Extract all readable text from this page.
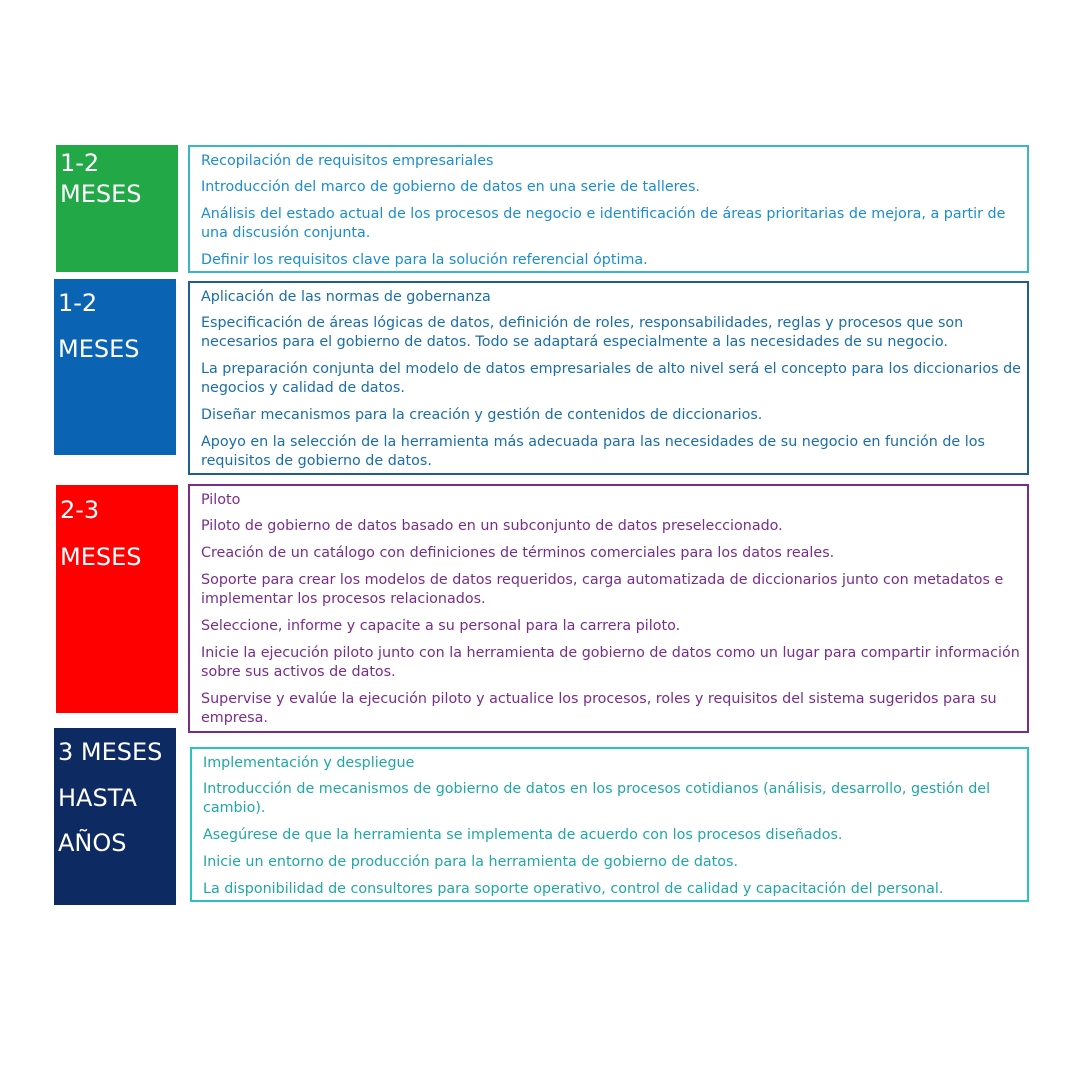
1-2
MESES
Recopilación de requisitos empresariales
Introducción del marco de gobierno de datos en una serie de talleres.
Análisis del estado actual de los procesos de negocio e identificación de áreas prioritarias de mejora, a partir de una discusión conjunta.
Definir los requisitos clave para la solución referencial óptima.
1-2
MESES
Aplicación de las normas de gobernanza
Especificación de áreas lógicas de datos, definición de roles, responsabilidades, reglas y procesos que son necesarios para el gobierno de datos. Todo se adaptará especialmente a las necesidades de su negocio.
La preparación conjunta del modelo de datos empresariales de alto nivel será el concepto para los diccionarios de negocios y calidad de datos.
Diseñar mecanismos para la creación y gestión de contenidos de diccionarios.
Apoyo en la selección de la herramienta más adecuada para las necesidades de su negocio en función de los requisitos de gobierno de datos.
2-3
MESES
Piloto
Piloto de gobierno de datos basado en un subconjunto de datos preseleccionado.
Creación de un catálogo con definiciones de términos comerciales para los datos reales.
Soporte para crear los modelos de datos requeridos, carga automatizada de diccionarios junto con metadatos e implementar los procesos relacionados.
Seleccione, informe y capacite a su personal para la carrera piloto.
Inicie la ejecución piloto junto con la herramienta de gobierno de datos como un lugar para compartir información sobre sus activos de datos.
Supervise y evalúe la ejecución piloto y actualice los procesos, roles y requisitos del sistema sugeridos para su empresa.
3 MESES
HASTA
AÑOS
Implementación y despliegue
Introducción de mecanismos de gobierno de datos en los procesos cotidianos (análisis, desarrollo, gestión del cambio).
Asegúrese de que la herramienta se implementa de acuerdo con los procesos diseñados.
Inicie un entorno de producción para la herramienta de gobierno de datos.
La disponibilidad de consultores para soporte operativo, control de calidad y capacitación del personal.
